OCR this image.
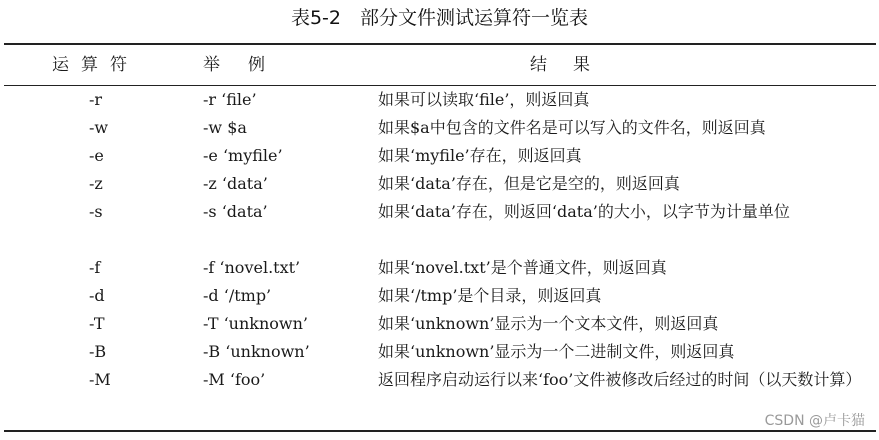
表5-2　部分文件测试运算符一览表
运算符	举例	结果
-r	-r ‘file’	如果可以读取‘file’，则返回真
-w	-w $a	如果$a中包含的文件名是可以写入的文件名，则返回真
-e	-e ‘myfile’	如果‘myfile’存在，则返回真
-z	-z ‘data’	如果‘data’存在，但是它是空的，则返回真
-s	-s ‘data’	如果‘data’存在，则返回‘data’的大小，以字节为计量单位
-f	-f ‘novel.txt’	如果‘novel.txt’是个普通文件，则返回真
-d	-d ‘/tmp’	如果‘/tmp’是个目录，则返回真
-T	-T ‘unknown’	如果‘unknown’显示为一个文本文件，则返回真
-B	-B ‘unknown’	如果‘unknown’显示为一个二进制文件，则返回真
-M	-M ‘foo’	返回程序启动运行以来‘foo’文件被修改后经过的时间（以天数计算）
CSDN @卢卡猫
